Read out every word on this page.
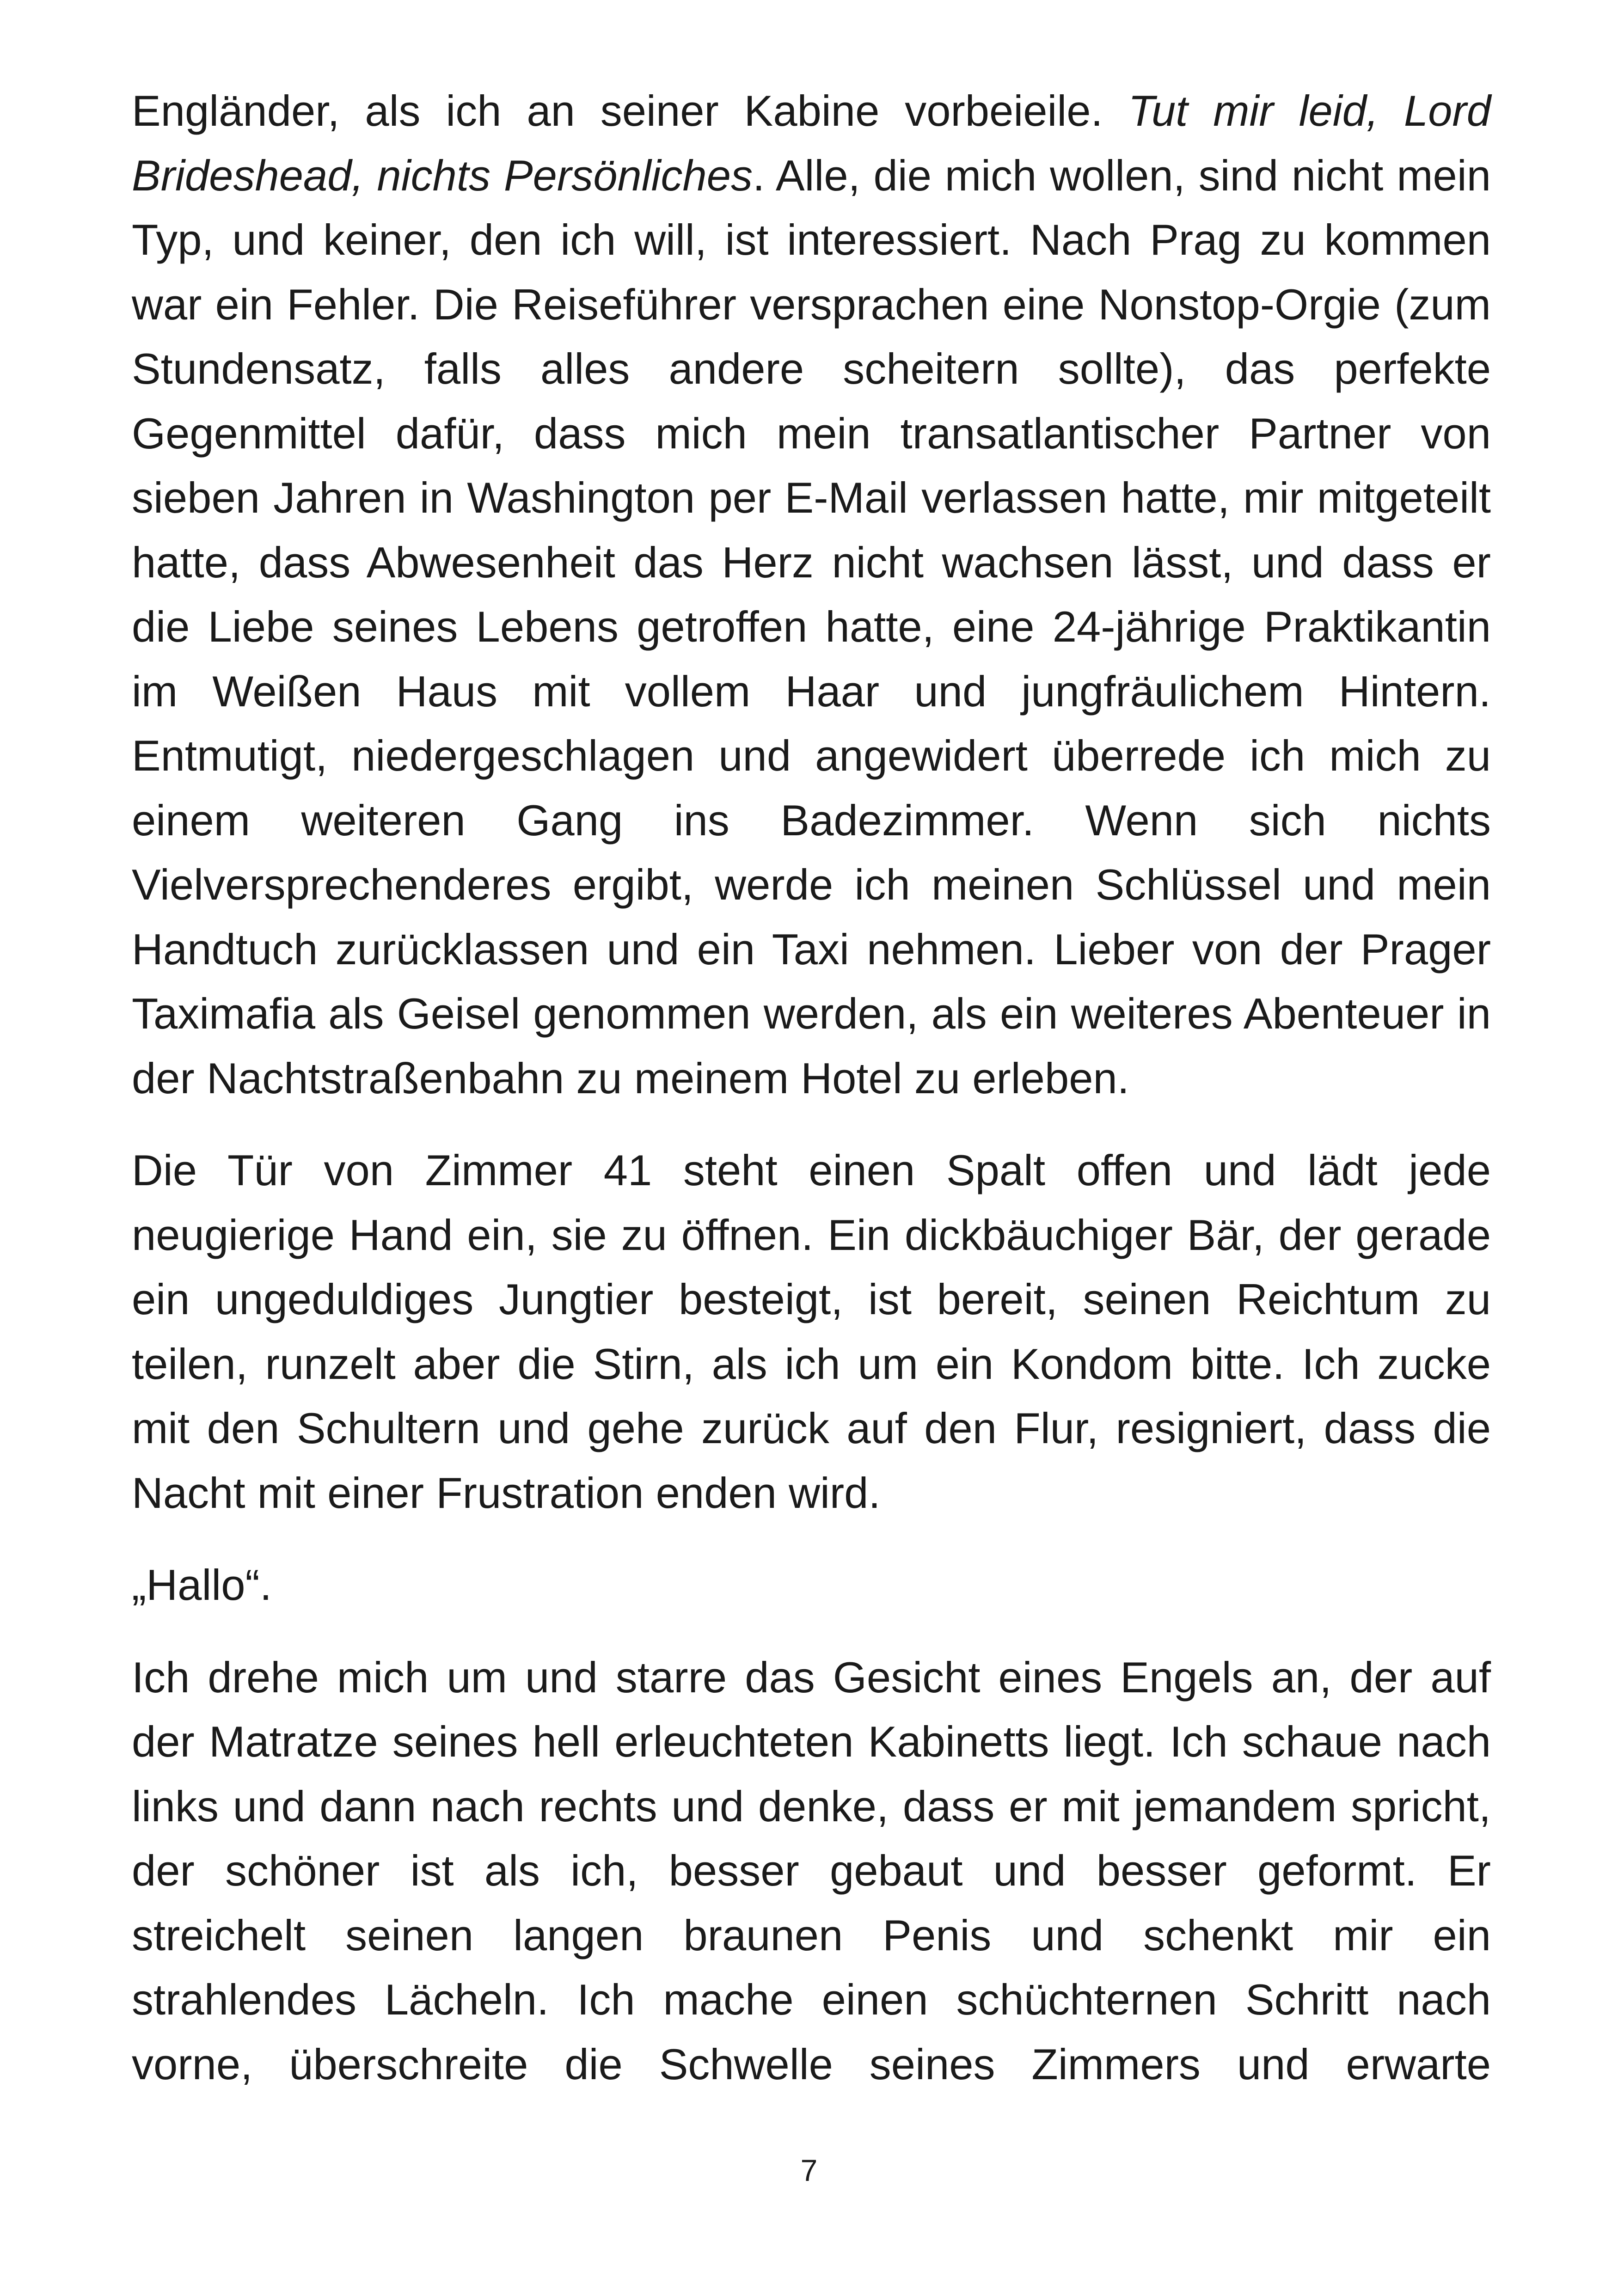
Engländer, als ich an seiner Kabine vorbeieile. Tut mir leid, Lord Brideshead, nichts Persönliches. Alle, die mich wollen, sind nicht mein Typ, und keiner, den ich will, ist interessiert. Nach Prag zu kommen war ein Fehler. Die Reiseführer versprachen eine Nonstop-Orgie (zum Stundensatz, falls alles andere scheitern sollte), das perfekte Gegenmittel dafür, dass mich mein transatlantischer Partner von sieben Jahren in Washington per E-Mail verlassen hatte, mir mitgeteilt hatte, dass Abwesenheit das Herz nicht wachsen lässt, und dass er die Liebe seines Lebens getroffen hatte, eine 24-jährige Praktikantin im Weißen Haus mit vollem Haar und jungfräulichem Hintern. Entmutigt, niedergeschlagen und angewidert überrede ich mich zu einem weiteren Gang ins Badezimmer. Wenn sich nichts Vielversprechenderes ergibt, werde ich meinen Schlüssel und mein Handtuch zurücklassen und ein Taxi nehmen. Lieber von der Prager Taximafia als Geisel genommen werden, als ein weiteres Abenteuer in der Nachtstraßenbahn zu meinem Hotel zu erleben.

Die Tür von Zimmer 41 steht einen Spalt offen und lädt jede neugierige Hand ein, sie zu öffnen. Ein dickbäuchiger Bär, der gerade ein ungeduldiges Jungtier besteigt, ist bereit, seinen Reichtum zu teilen, runzelt aber die Stirn, als ich um ein Kondom bitte. Ich zucke mit den Schultern und gehe zurück auf den Flur, resigniert, dass die Nacht mit einer Frustration enden wird.

„Hallo“.

Ich drehe mich um und starre das Gesicht eines Engels an, der auf der Matratze seines hell erleuchteten Kabinetts liegt. Ich schaue nach links und dann nach rechts und denke, dass er mit jemandem spricht, der schöner ist als ich, besser gebaut und besser geformt. Er streichelt seinen langen braunen Penis und schenkt mir ein strahlendes Lächeln. Ich mache einen schüchternen Schritt nach vorne, überschreite die Schwelle seines Zimmers und erwarte

7
